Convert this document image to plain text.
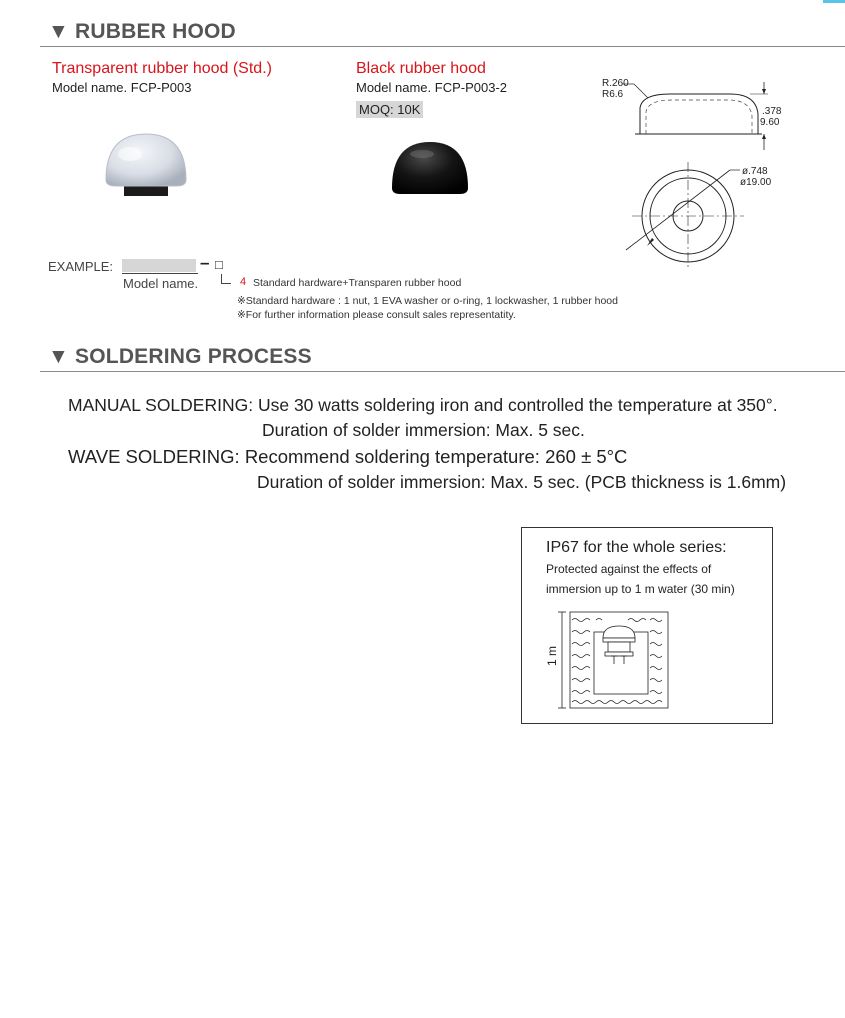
▼ RUBBER HOOD
Transparent rubber hood (Std.)
Model name. FCP-P003
Black rubber hood
Model name. FCP-P003-2
MOQ: 10K
R.260
R6.6
.378
9.60
ø.748
ø19.00
EXAMPLE:	– □
Model name.	4 Standard hardware+Transparen rubber hood
※Standard hardware : 1 nut, 1 EVA washer or o-ring, 1 lockwasher, 1 rubber hood
※For further information please consult sales representatity.
▼ SOLDERING PROCESS
MANUAL SOLDERING: Use 30 watts soldering iron and controlled the temperature at 350°.
Duration of solder immersion: Max. 5 sec.
WAVE SOLDERING: Recommend soldering temperature: 260 ± 5°C
Duration of solder immersion: Max. 5 sec. (PCB thickness is 1.6mm)
IP67 for the whole series:
Protected against the effects of
immersion up to 1 m water (30 min)
1 m
